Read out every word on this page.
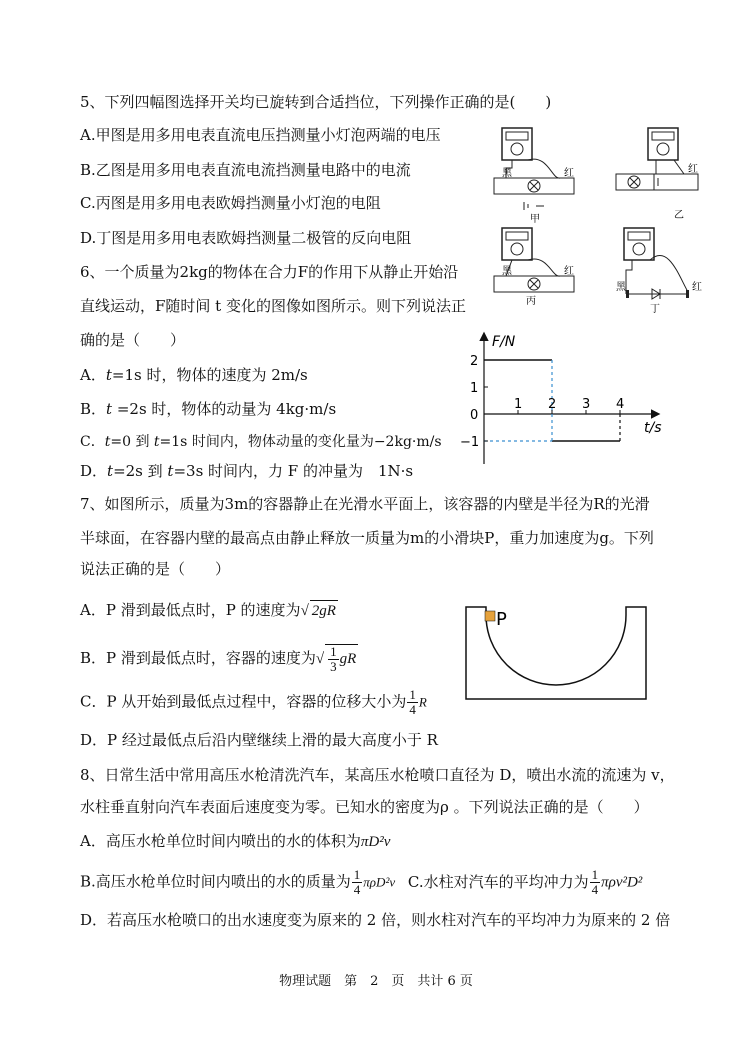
5、下列四幅图选择开关均已旋转到合适挡位，下列操作正确的是(　　)
A.甲图是用多用电表直流电压挡测量小灯泡两端的电压
B.乙图是用多用电表直流电流挡测量电路中的电流
C.丙图是用多用电表欧姆挡测量小灯泡的电阻
D.丁图是用多用电表欧姆挡测量二极管的反向电阻
黑	红
甲
红
乙
黑	红
丙
黑	红
丁
6、一个质量为2kg的物体在合力F的作用下从静止开始沿
直线运动，F随时间 t 变化的图像如图所示。则下列说法正
确的是（　　）
A．t=1s 时，物体的速度为 2m/s
B．t =2s 时，物体的动量为 4kg·m/s
C．t=0 到 t=1s 时间内，物体动量的变化量为−2kg·m/s
D．t=2s 到 t=3s 时间内，力 F 的冲量为　1N·s
1 2 3 4
2
1
0
−1
F/N
t/s
7、如图所示，质量为3m的容器静止在光滑水平面上，该容器的内壁是半径为R的光滑
半球面，在容器内壁的最高点由静止释放一质量为m的小滑块P，重力加速度为g。下列
说法正确的是（　　）
A．P 滑到最低点时，P 的速度为√ 2gR
B．P 滑到最低点时，容器的速度为√ $\frac{1}{3}$ gR
C．P 从开始到最低点过程中，容器的位移大小为 $\frac{1}{4}$ R
D．P 经过最低点后沿内壁继续上滑的最大高度小于 R
P
8、日常生活中常用高压水枪清洗汽车，某高压水枪喷口直径为 D，喷出水流的流速为 v，
水柱垂直射向汽车表面后速度变为零。已知水的密度为ρ 。下列说法正确的是（　　）
A．高压水枪单位时间内喷出的水的体积为πD²v
B.高压水枪单位时间内喷出的水的质量为 $\frac{1}{4} \pi\rho D^2v$ C.水柱对汽车的平均冲力为 $\frac{1}{4} \pi\rho v^2D^2$
D．若高压水枪喷口的出水速度变为原来的 2 倍，则水柱对汽车的平均冲力为原来的 2 倍
物理试题　第　2　页　共计 6 页
